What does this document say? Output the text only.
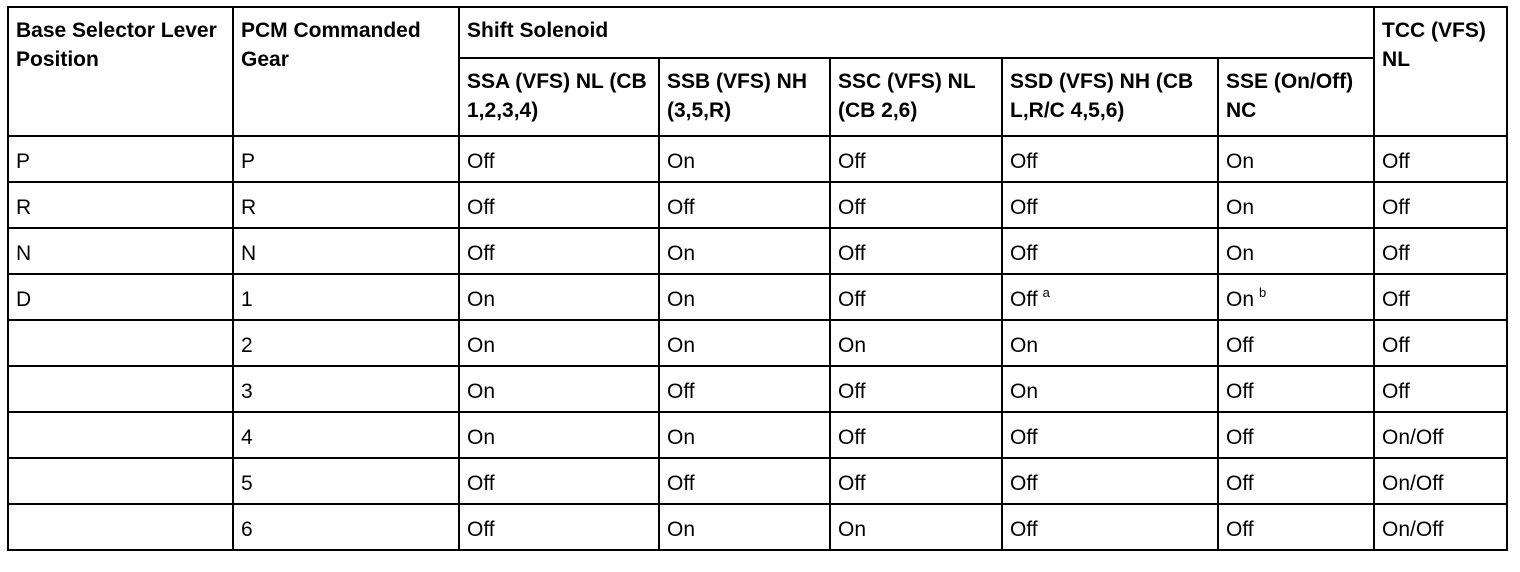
Base Selector Lever Position	PCM Commanded Gear	Shift Solenoid					TCC (VFS) NL
		SSA (VFS) NL (CB 1,2,3,4)	SSB (VFS) NH (3,5,R)	SSC (VFS) NL (CB 2,6)	SSD (VFS) NH (CB L,R/C 4,5,6)	SSE (On/Off) NC	
P	P	Off	On	Off	Off	On	Off
R	R	Off	Off	Off	Off	On	Off
N	N	Off	On	Off	Off	On	Off
D	1	On	On	Off	Off $^a$	On $^b$	Off
	2	On	On	On	On	Off	Off
	3	On	Off	Off	On	Off	Off
	4	On	On	Off	Off	Off	On/Off
	5	Off	Off	Off	Off	Off	On/Off
	6	Off	On	On	Off	Off	On/Off
